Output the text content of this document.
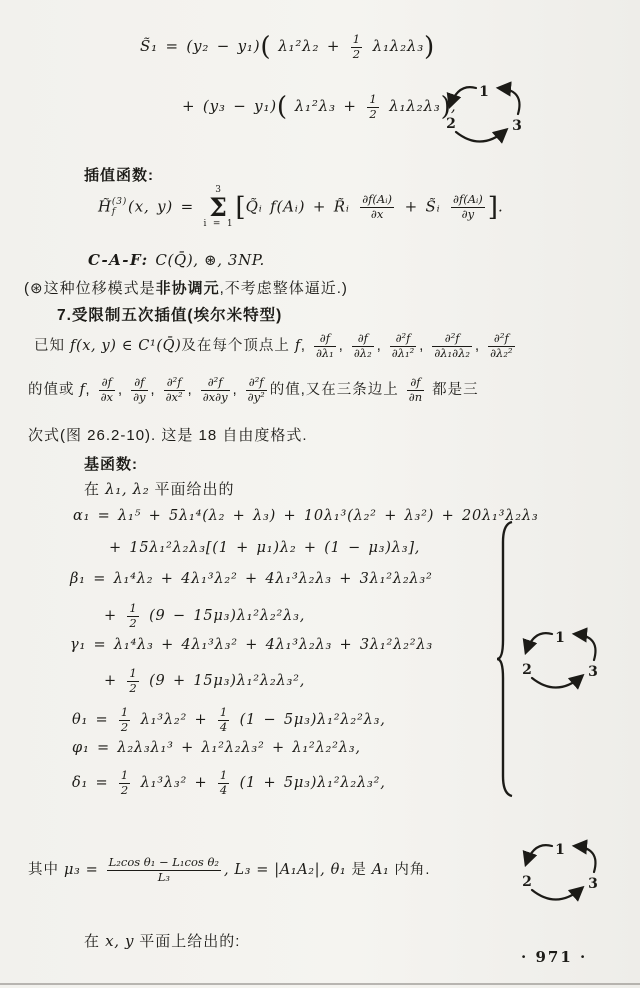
S̃₁ = (y₂ − y₁)( $\lambda_1^2\lambda_2 + \frac{1}{2} \lambda_1\lambda_2\lambda_3$)
+ (y₃ − y₁)( $\lambda_1^2\lambda_3 + \frac{1}{2} \lambda_1\lambda_2\lambda_3$),
1
2	3
插值函数:
H̃ (3)
f (x, y) =
3
Σ
i = 1
[Q̃ᵢ f(Aᵢ) + R̃ᵢ $\frac{\text{∂f(Aᵢ)}}{\partial x}$ + S̃ᵢ $\frac{\text{∂f(Aᵢ)}}{\partial y}$ ].
C-A-F: C(Q̄), ⊛, 3NP.
(⊛这种位移模式是非协调元,不考虑整体逼近.)
7.受限制五次插值(埃尔米特型)
已知 f(x, y) ∈ C¹(Q̄)及在每个顶点上 f, $\frac{\partial f}{\text{∂λ₁}}$ , $\frac{\partial f}{\text{∂λ₂}}$ , $\frac{\text{∂²f}}{\text{∂λ₁²}}$ , $\frac{\text{∂²f}}{\text{∂λ₁∂λ₂}}$ , $\frac{\text{∂²f}}{\text{∂λ₂²}}$
的值或 f, $\frac{\partial f}{\partial x}$ , $\frac{\partial f}{\partial y}$ , $\frac{\text{∂²f}}{\text{∂x²}}$ , $\frac{\text{∂²f}}{\partial x\partial y}$ , $\frac{\text{∂²f}}{\text{∂y²}}$ 的值,又在三条边上 $\frac{\partial f}{\partial n}$ 都是三
次式(图 26.2-10). 这是 18 自由度格式.
基函数:
在 λ₁, λ₂ 平面给出的
α₁ = λ₁⁵ + 5λ₁⁴(λ₂ + λ₃) + 10λ₁³(λ₂² + λ₃²) + 20λ₁³λ₂λ₃
+ 15λ₁²λ₂λ₃[(1 + μ₁)λ₂ + (1 − μ₃)λ₃],
β₁ = λ₁⁴λ₂ + 4λ₁³λ₂² + 4λ₁³λ₂λ₃ + 3λ₁²λ₂λ₃²
+ $\frac{1}{2} (9 - 15\mu_3)\lambda_1^2\lambda_2^2\lambda_3$,
γ₁ = λ₁⁴λ₃ + 4λ₁³λ₃² + 4λ₁³λ₂λ₃ + 3λ₁²λ₂²λ₃
+ $\frac{1}{2} (9 + 15\mu_3)\lambda_1^2\lambda_2\lambda_3^2$,
$\theta_1 = \frac{1}{2} \lambda_1^3\lambda_2^2 + \frac{1}{4} (1 - 5\mu_3)\lambda_1^2\lambda_2^2\lambda_3$,
φ₁ = λ₂λ₃λ₁³ + λ₁²λ₂λ₃² + λ₁²λ₂²λ₃,
$\delta_1 = \frac{1}{2} \lambda_1^3\lambda_3^2 + \frac{1}{4} (1 + 5\mu_3)\lambda_1^2\lambda_2\lambda_3^2$,
1
2	3
其中 $\mu_3 = \frac{\text{L₂cos θ₁ − L₁cos θ₂}}{\text{L₃}}$ , L₃ = |A₁A₂|, θ₁ 是 A₁ 内角.
1
2	3
在 x, y 平面上给出的:
· 971 ·
